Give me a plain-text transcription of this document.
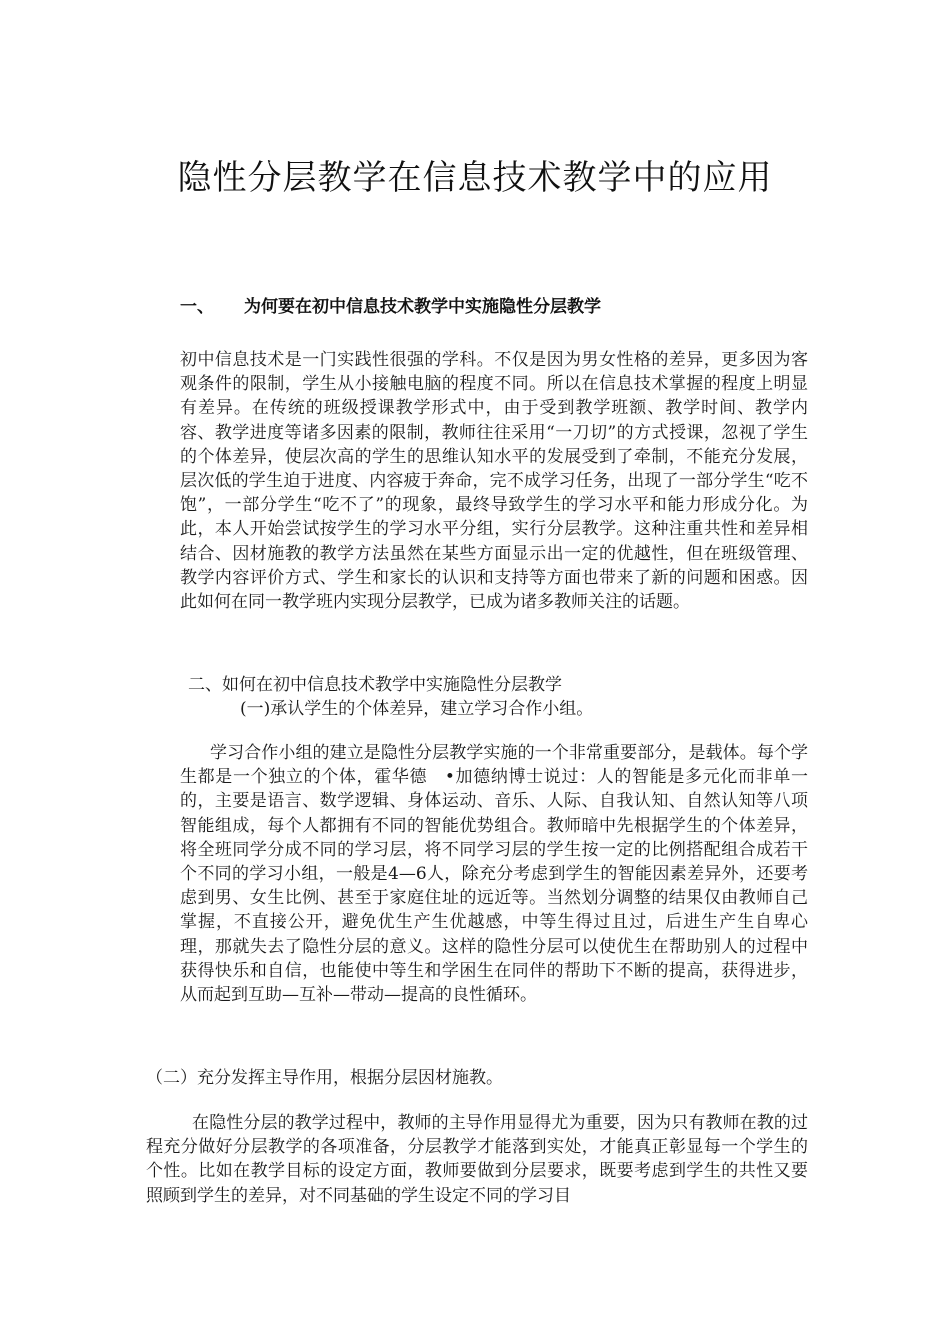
隐性分层教学在信息技术教学中的应用
一、 为何要在初中信息技术教学中实施隐性分层教学

初中信息技术是一门实践性很强的学科。不仅是因为男女性格的差异，更多因为客观条件的限制，学生从小接触电脑的程度不同。所以在信息技术掌握的程度上明显有差异。在传统的班级授课教学形式中，由于受到教学班额、教学时间、教学内容、教学进度等诸多因素的限制，教师往往采用“一刀切”的方式授课，忽视了学生的个体差异，使层次高的学生的思维认知水平的发展受到了牵制，不能充分发展，层次低的学生迫于进度、内容疲于奔命，完不成学习任务，出现了一部分学生“吃不饱”，一部分学生“吃不了”的现象，最终导致学生的学习水平和能力形成分化。为此，本人开始尝试按学生的学习水平分组，实行分层教学。这种注重共性和差异相结合、因材施教的教学方法虽然在某些方面显示出一定的优越性，但在班级管理、教学内容评价方式、学生和家长的认识和支持等方面也带来了新的问题和困惑。因此如何在同一教学班内实现分层教学，已成为诸多教师关注的话题。

二、如何在初中信息技术教学中实施隐性分层教学
(一)承认学生的个体差异，建立学习合作小组。

学习合作小组的建立是隐性分层教学实施的一个非常重要部分，是载体。每个学生都是一个独立的个体，霍华德　•加德纳博士说过：人的智能是多元化而非单一的，主要是语言、数学逻辑、身体运动、音乐、人际、自我认知、自然认知等八项智能组成，每个人都拥有不同的智能优势组合。教师暗中先根据学生的个体差异，将全班同学分成不同的学习层，将不同学习层的学生按一定的比例搭配组合成若干个不同的学习小组，一般是4—6人，除充分考虑到学生的智能因素差异外，还要考虑到男、女生比例、甚至于家庭住址的远近等。当然划分调整的结果仅由教师自己掌握，不直接公开，避免优生产生优越感，中等生得过且过，后进生产生自卑心理，那就失去了隐性分层的意义。这样的隐性分层可以使优生在帮助别人的过程中获得快乐和自信，也能使中等生和学困生在同伴的帮助下不断的提高，获得进步，从而起到互助—互补—带动—提高的良性循环。

（二）充分发挥主导作用，根据分层因材施教。

在隐性分层的教学过程中，教师的主导作用显得尤为重要，因为只有教师在教的过程充分做好分层教学的各项准备，分层教学才能落到实处，才能真正彰显每一个学生的个性。比如在教学目标的设定方面，教师要做到分层要求，既要考虑到学生的共性又要照顾到学生的差异，对不同基础的学生设定不同的学习目
